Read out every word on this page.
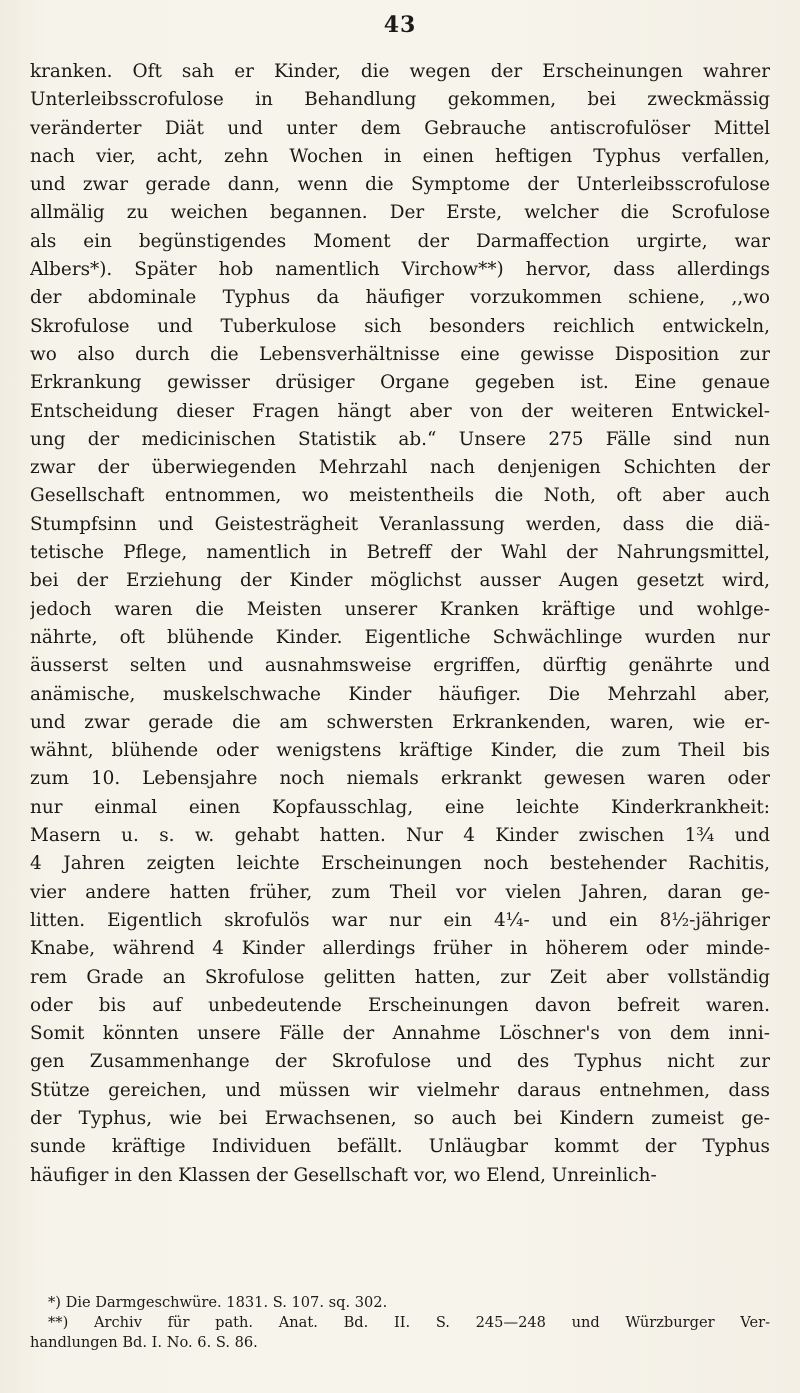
43
kranken. Oft sah er Kinder, die wegen der Erscheinungen wahrer
Unterleibsscrofulose in Behandlung gekommen, bei zweckmässig
veränderter Diät und unter dem Gebrauche antiscrofulöser Mittel
nach vier, acht, zehn Wochen in einen heftigen Typhus verfallen,
und zwar gerade dann, wenn die Symptome der Unterleibsscrofulose
allmälig zu weichen begannen. Der Erste, welcher die Scrofulose
als ein begünstigendes Moment der Darmaffection urgirte, war
Albers*). Später hob namentlich Virchow**) hervor, dass allerdings
der abdominale Typhus da häufiger vorzukommen schiene, ,,wo
Skrofulose und Tuberkulose sich besonders reichlich entwickeln,
wo also durch die Lebensverhältnisse eine gewisse Disposition zur
Erkrankung gewisser drüsiger Organe gegeben ist. Eine genaue
Entscheidung dieser Fragen hängt aber von der weiteren Entwickel-
ung der medicinischen Statistik ab.“ Unsere 275 Fälle sind nun
zwar der überwiegenden Mehrzahl nach denjenigen Schichten der
Gesellschaft entnommen, wo meistentheils die Noth, oft aber auch
Stumpfsinn und Geistesträgheit Veranlassung werden, dass die diä-
tetische Pflege, namentlich in Betreff der Wahl der Nahrungsmittel,
bei der Erziehung der Kinder möglichst ausser Augen gesetzt wird,
jedoch waren die Meisten unserer Kranken kräftige und wohlge-
nährte, oft blühende Kinder. Eigentliche Schwächlinge wurden nur
äusserst selten und ausnahmsweise ergriffen, dürftig genährte und
anämische, muskelschwache Kinder häufiger. Die Mehrzahl aber,
und zwar gerade die am schwersten Erkrankenden, waren, wie er-
wähnt, blühende oder wenigstens kräftige Kinder, die zum Theil bis
zum 10. Lebensjahre noch niemals erkrankt gewesen waren oder
nur einmal einen Kopfausschlag, eine leichte Kinderkrankheit:
Masern u. s. w. gehabt hatten. Nur 4 Kinder zwischen 1¾ und
4 Jahren zeigten leichte Erscheinungen noch bestehender Rachitis,
vier andere hatten früher, zum Theil vor vielen Jahren, daran ge-
litten. Eigentlich skrofulös war nur ein 4¼- und ein 8½-jähriger
Knabe, während 4 Kinder allerdings früher in höherem oder minde-
rem Grade an Skrofulose gelitten hatten, zur Zeit aber vollständig
oder bis auf unbedeutende Erscheinungen davon befreit waren.
Somit könnten unsere Fälle der Annahme Löschner's von dem inni-
gen Zusammenhange der Skrofulose und des Typhus nicht zur
Stütze gereichen, und müssen wir vielmehr daraus entnehmen, dass
der Typhus, wie bei Erwachsenen, so auch bei Kindern zumeist ge-
sunde kräftige Individuen befällt. Unläugbar kommt der Typhus
häufiger in den Klassen der Gesellschaft vor, wo Elend, Unreinlich-
*) Die Darmgeschwüre. 1831. S. 107. sq. 302.
**) Archiv für path. Anat. Bd. II. S. 245—248 und Würzburger Ver-
handlungen Bd. I. No. 6. S. 86.
